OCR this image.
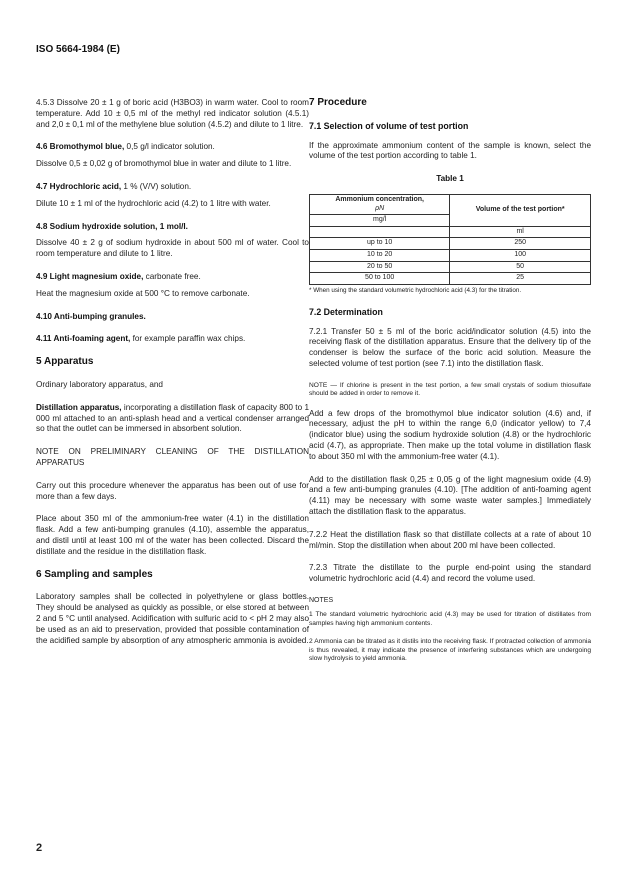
ISO 5664-1984 (E)

4.5.3 Dissolve 20 ± 1 g of boric acid (H3BO3) in warm water. Cool to room temperature. Add 10 ± 0,5 ml of the methyl red indicator solution (4.5.1) and 2,0 ± 0,1 ml of the methylene blue solution (4.5.2) and dilute to 1 litre.

4.6 Bromothymol blue, 0,5 g/l indicator solution.

Dissolve 0,5 ± 0,02 g of bromothymol blue in water and dilute to 1 litre.

4.7 Hydrochloric acid, 1 % (V/V) solution.

Dilute 10 ± 1 ml of the hydrochloric acid (4.2) to 1 litre with water.

4.8 Sodium hydroxide solution, 1 mol/l.

Dissolve 40 ± 2 g of sodium hydroxide in about 500 ml of water. Cool to room temperature and dilute to 1 litre.

4.9 Light magnesium oxide, carbonate free.

Heat the magnesium oxide at 500 °C to remove carbonate.

4.10 Anti-bumping granules.

4.11 Anti-foaming agent, for example paraffin wax chips.

5 Apparatus

Ordinary laboratory apparatus, and

Distillation apparatus, incorporating a distillation flask of capacity 800 to 1 000 ml attached to an anti-splash head and a vertical condenser arranged so that the outlet can be immersed in absorbent solution.

NOTE ON PRELIMINARY CLEANING OF THE DISTILLATION APPARATUS

Carry out this procedure whenever the apparatus has been out of use for more than a few days.

Place about 350 ml of the ammonium-free water (4.1) in the distillation flask. Add a few anti-bumping granules (4.10), assemble the apparatus, and distil until at least 100 ml of the water has been collected. Discard the distillate and the residue in the distillation flask.

6 Sampling and samples

Laboratory samples shall be collected in polyethylene or glass bottles. They should be analysed as quickly as possible, or else stored at between 2 and 5 °C until analysed. Acidification with sulfuric acid to < pH 2 may also be used as an aid to preservation, provided that possible contamination of the acidified sample by absorption of any atmospheric ammonia is avoided.

7 Procedure
7.1 Selection of volume of test portion

If the approximate ammonium content of the sample is known, select the volume of the test portion according to table 1.

Table 1
Ammonium concentration,
ρN	Volume of the test portion*
mg/l	
	ml
up to 10	250
10 to 20	100
20 to 50	50
50 to 100	25

* When using the standard volumetric hydrochloric acid (4.3) for the titration.

7.2 Determination

7.2.1 Transfer 50 ± 5 ml of the boric acid/indicator solution (4.5) into the receiving flask of the distillation apparatus. Ensure that the delivery tip of the condenser is below the surface of the boric acid solution. Measure the selected volume of test portion (see 7.1) into the distillation flask.

NOTE — If chlorine is present in the test portion, a few small crystals of sodium thiosulfate should be added in order to remove it.

Add a few drops of the bromothymol blue indicator solution (4.6) and, if necessary, adjust the pH to within the range 6,0 (indicator yellow) to 7,4 (indicator blue) using the sodium hydroxide solution (4.8) or the hydrochloric acid (4.7), as appropriate. Then make up the total volume in distillation flask to about 350 ml with the ammonium-free water (4.1).

Add to the distillation flask 0,25 ± 0,05 g of the light magnesium oxide (4.9) and a few anti-bumping granules (4.10). [The addition of anti-foaming agent (4.11) may be necessary with some waste water samples.] Immediately attach the distillation flask to the apparatus.

7.2.2 Heat the distillation flask so that distillate collects at a rate of about 10 ml/min. Stop the distillation when about 200 ml have been collected.

7.2.3 Titrate the distillate to the purple end-point using the standard volumetric hydrochloric acid (4.4) and record the volume used.

NOTES

1 The standard volumetric hydrochloric acid (4.3) may be used for titration of distillates from samples having high ammonium contents.

2 Ammonia can be titrated as it distils into the receiving flask. If protracted collection of ammonia is thus revealed, it may indicate the presence of interfering substances which are undergoing slow hydrolysis to yield ammonia.

2
